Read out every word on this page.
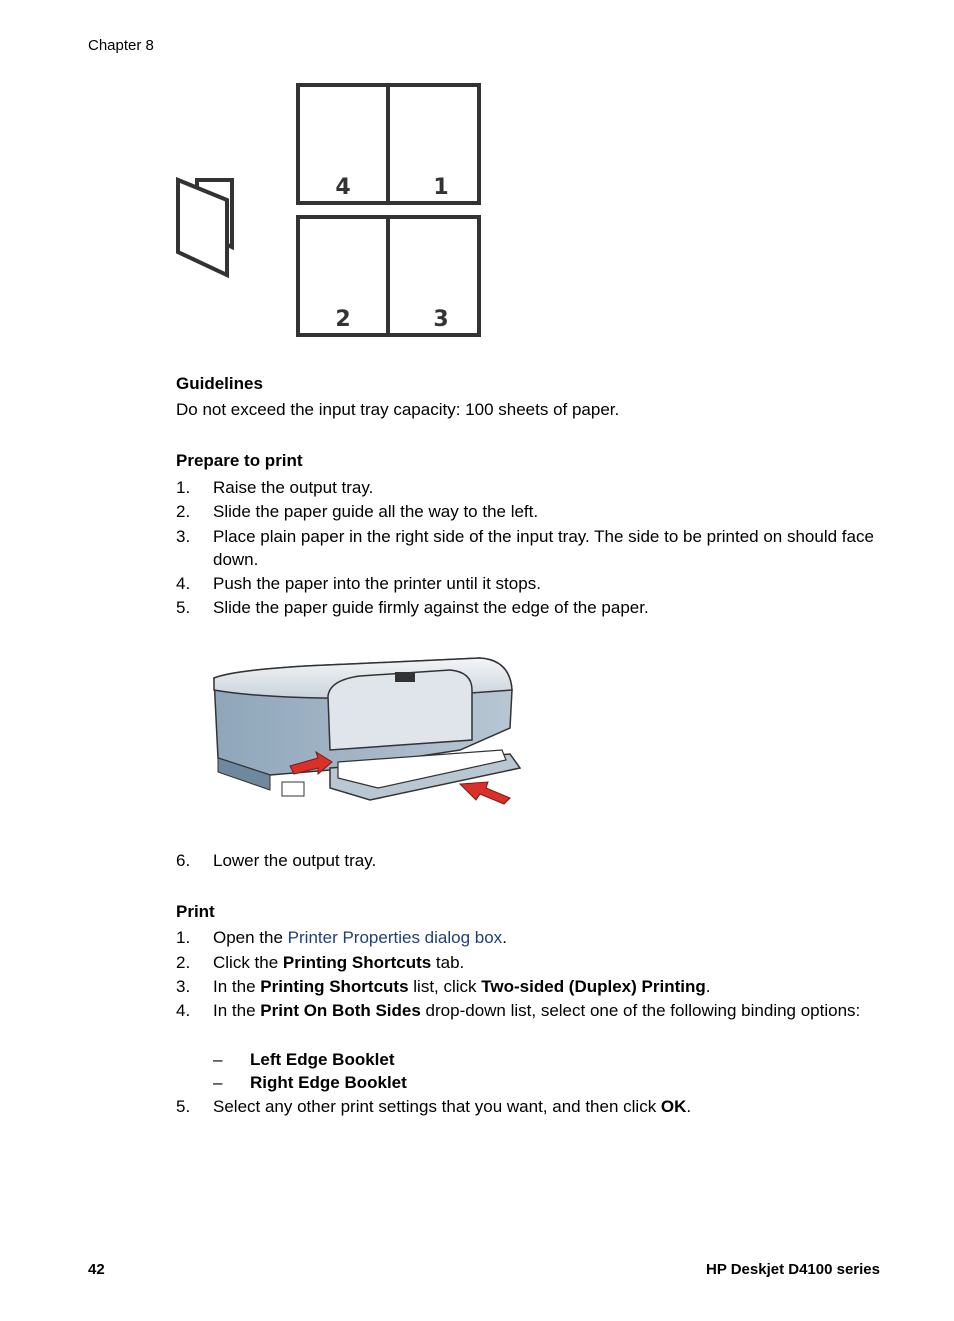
Chapter 8
4	1
2	3
Guidelines
Do not exceed the input tray capacity: 100 sheets of paper.
Prepare to print
1. Raise the output tray.
2. Slide the paper guide all the way to the left.
3. Place plain paper in the right side of the input tray. The side to be printed on should face down.
4. Push the paper into the printer until it stops.
5. Slide the paper guide firmly against the edge of the paper.
6. Lower the output tray.
Print
1. Open the Printer Properties dialog box.
2. Click the Printing Shortcuts tab.
3. In the Printing Shortcuts list, click Two-sided (Duplex) Printing.
4. In the Print On Both Sides drop-down list, select one of the following binding options:
– Left Edge Booklet
– Right Edge Booklet
5. Select any other print settings that you want, and then click OK.
42	HP Deskjet D4100 series
